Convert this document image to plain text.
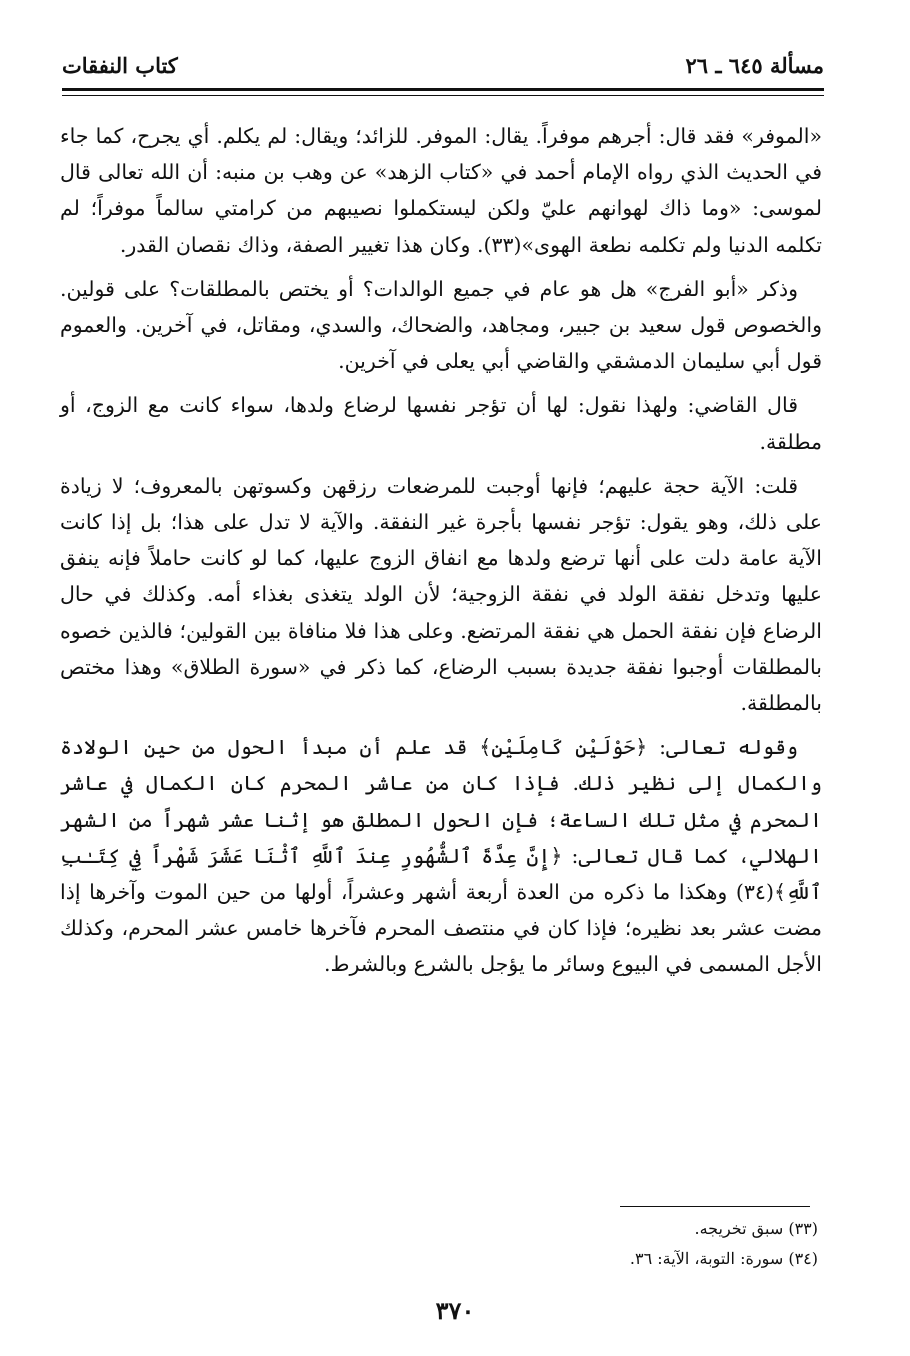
مسألة ٦٤٥ ـ ٢٦
كتاب النفقات

«الموفر» فقد قال: أجرهم موفراً. يقال: الموفر. للزائد؛ ويقال: لم يكلم. أي يجرح، كما جاء في الحديث الذي رواه الإمام أحمد في «كتاب الزهد» عن وهب بن منبه: أن الله تعالى قال لموسى: «وما ذاك لهوانهم عليّ ولكن ليستكملوا نصيبهم من كرامتي سالماً موفراً؛ لم تكلمه الدنيا ولم تكلمه نطعة الهوى»(٣٣). وكان هذا تغيير الصفة، وذاك نقصان القدر.

وذكر «أبو الفرج» هل هو عام في جميع الوالدات؟ أو يختص بالمطلقات؟ على قولين. والخصوص قول سعيد بن جبير، ومجاهد، والضحاك، والسدي، ومقاتل، في آخرين. والعموم قول أبي سليمان الدمشقي والقاضي أبي يعلى في آخرين.

قال القاضي: ولهذا نقول: لها أن تؤجر نفسها لرضاع ولدها، سواء كانت مع الزوج، أو مطلقة.

قلت: الآية حجة عليهم؛ فإنها أوجبت للمرضعات رزقهن وكسوتهن بالمعروف؛ لا زيادة على ذلك، وهو يقول: تؤجر نفسها بأجرة غير النفقة. والآية لا تدل على هذا؛ بل إذا كانت الآية عامة دلت على أنها ترضع ولدها مع انفاق الزوج عليها، كما لو كانت حاملاً فإنه ينفق عليها وتدخل نفقة الولد في نفقة الزوجية؛ لأن الولد يتغذى بغذاء أمه. وكذلك في حال الرضاع فإن نفقة الحمل هي نفقة المرتضع. وعلى هذا فلا منافاة بين القولين؛ فالذين خصوه بالمطلقات أوجبوا نفقة جديدة بسبب الرضاع، كما ذكر في «سورة الطلاق» وهذا مختص بالمطلقة.

وقوله تعالى: ﴿حَوْلَيْنِ كَامِلَيْنِ﴾ قد علم أن مبدأ الحول من حين الولادة والكمال إلى نظير ذلك. فإذا كان من عاشر المحرم كان الكمال في عاشر المحرم في مثل تلك الساعة؛ فإن الحول المطلق هو إثنا عشر شهراً من الشهر الهلالي، كما قال تعالى: ﴿إِنَّ عِدَّةَ ٱلشُّهُورِ عِندَ ٱللَّهِ ٱثْنَا عَشَرَ شَهْراً فِي كِتَـٰبِ ٱللَّهِ﴾(٣٤) وهكذا ما ذكره من العدة أربعة أشهر وعشراً، أولها من حين الموت وآخرها إذا مضت عشر بعد نظيره؛ فإذا كان في منتصف المحرم فآخرها خامس عشر المحرم، وكذلك الأجل المسمى في البيوع وسائر ما يؤجل بالشرع وبالشرط.

(٣٣) سبق تخريجه.
(٣٤) سورة: التوبة، الآية: ٣٦.
٣٧٠
